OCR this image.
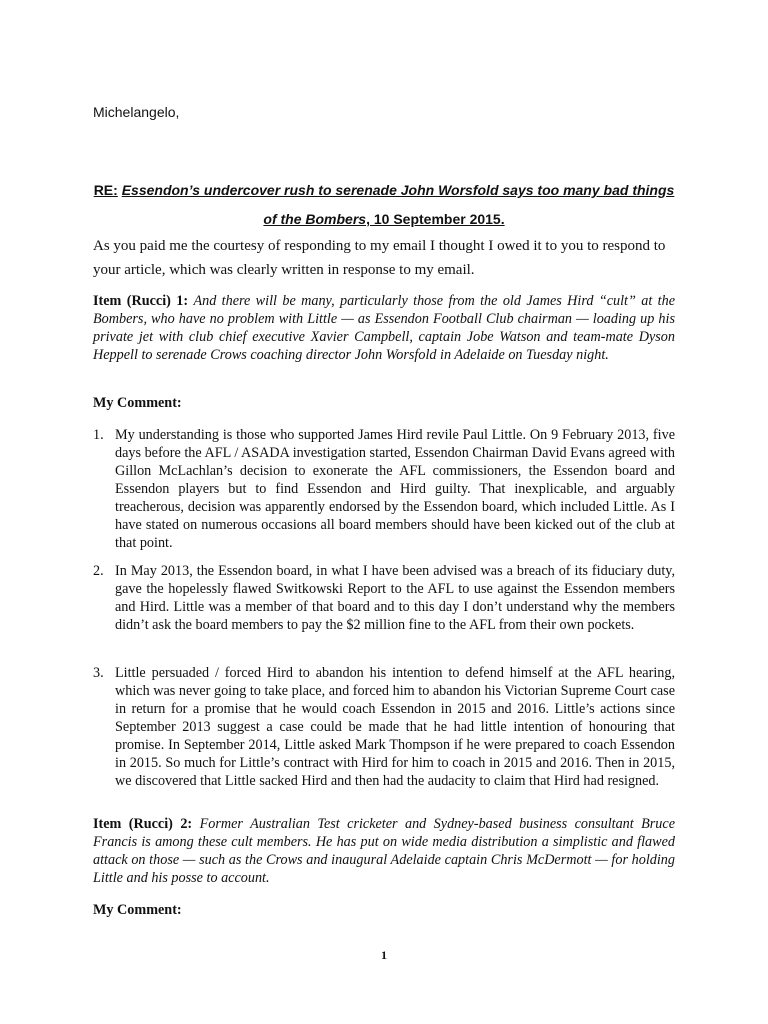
Michelangelo,
RE: Essendon’s undercover rush to serenade John Worsfold says too many bad things of the Bombers, 10 September 2015.
As you paid me the courtesy of responding to my email I thought I owed it to you to respond to your article, which was clearly written in response to my email.
Item (Rucci) 1: And there will be many, particularly those from the old James Hird “cult” at the Bombers, who have no problem with Little — as Essendon Football Club chairman — loading up his private jet with club chief executive Xavier Campbell, captain Jobe Watson and team-mate Dyson Heppell to serenade Crows coaching director John Worsfold in Adelaide on Tuesday night.
My Comment:
1. My understanding is those who supported James Hird revile Paul Little. On 9 February 2013, five days before the AFL / ASADA investigation started, Essendon Chairman David Evans agreed with Gillon McLachlan’s decision to exonerate the AFL commissioners, the Essendon board and Essendon players but to find Essendon and Hird guilty. That inexplicable, and arguably treacherous, decision was apparently endorsed by the Essendon board, which included Little. As I have stated on numerous occasions all board members should have been kicked out of the club at that point.
2. In May 2013, the Essendon board, in what I have been advised was a breach of its fiduciary duty, gave the hopelessly flawed Switkowski Report to the AFL to use against the Essendon members and Hird. Little was a member of that board and to this day I don’t understand why the members didn’t ask the board members to pay the $2 million fine to the AFL from their own pockets.
3. Little persuaded / forced Hird to abandon his intention to defend himself at the AFL hearing, which was never going to take place, and forced him to abandon his Victorian Supreme Court case in return for a promise that he would coach Essendon in 2015 and 2016. Little’s actions since September 2013 suggest a case could be made that he had little intention of honouring that promise. In September 2014, Little asked Mark Thompson if he were prepared to coach Essendon in 2015. So much for Little’s contract with Hird for him to coach in 2015 and 2016. Then in 2015, we discovered that Little sacked Hird and then had the audacity to claim that Hird had resigned.
Item (Rucci) 2: Former Australian Test cricketer and Sydney-based business consultant Bruce Francis is among these cult members. He has put on wide media distribution a simplistic and flawed attack on those — such as the Crows and inaugural Adelaide captain Chris McDermott — for holding Little and his posse to account.
My Comment:
1
